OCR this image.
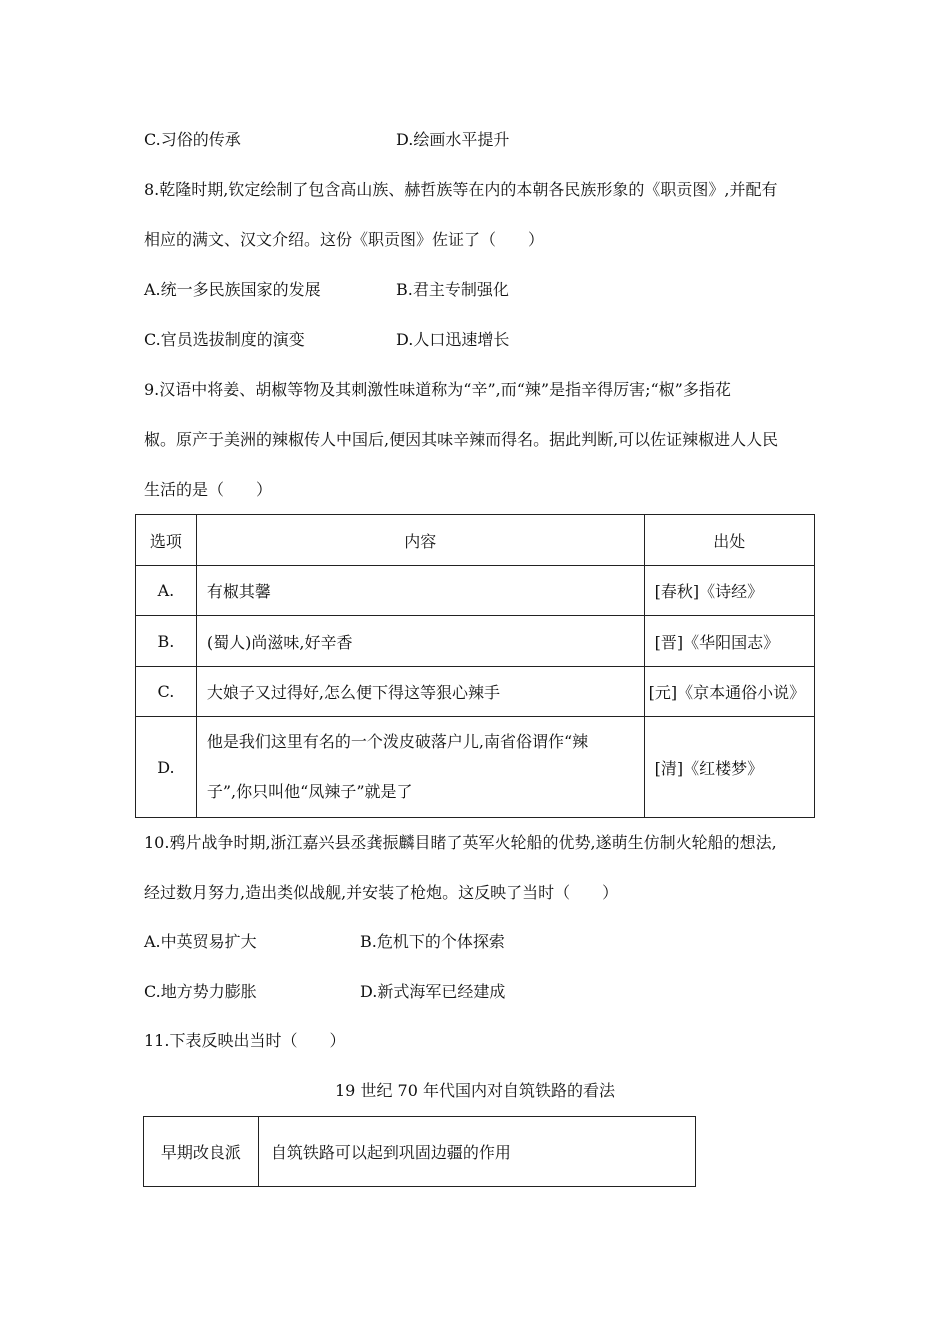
C.习俗的传承	D.绘画水平提升
8.乾隆时期,钦定绘制了包含高山族、赫哲族等在内的本朝各民族形象的《职贡图》,并配有
相应的满文、汉文介绍。这份《职贡图》佐证了（　　）
A.统一多民族国家的发展	B.君主专制强化
C.官员选拔制度的演变	D.人口迅速增长
9.汉语中将姜、胡椒等物及其刺激性味道称为“辛”,而“辣”是指辛得厉害;“椒”多指花
椒。原产于美洲的辣椒传人中国后,便因其味辛辣而得名。据此判断,可以佐证辣椒进人人民
生活的是（　　）
选项	内容	出处
A.	有椒其馨	[春秋]《诗经》
B.	(蜀人)尚滋味,好辛香	[晋]《华阳国志》
C.	大娘子又过得好,怎么便下得这等狠心辣手	[元]《京本通俗小说》
D.	他是我们这里有名的一个泼皮破落户儿,南省俗谓作“辣
子”,你只叫他“凤辣子”就是了	[清]《红楼梦》
10.鸦片战争时期,浙江嘉兴县丞龚振麟目睹了英军火轮船的优势,遂萌生仿制火轮船的想法,
经过数月努力,造出类似战舰,并安装了枪炮。这反映了当时（　　）
A.中英贸易扩大	B.危机下的个体探索
C.地方势力膨胀	D.新式海军已经建成
11.下表反映出当时（　　）
19 世纪 70 年代国内对自筑铁路的看法
早期改良派	自筑铁路可以起到巩固边疆的作用
